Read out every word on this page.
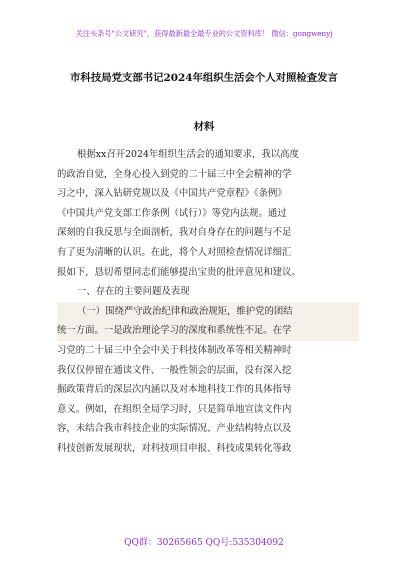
关注头条号"公文研究"，获得最新最全最专业的公文资料库！ 微信：gongwenyj
市科技局党支部书记2024年组织生活会个人对照检查发言
材料
根据xx召开2024年组织生活会的通知要求，我以高度
的政治自觉，全身心投入到党的二十届三中全会精神的学
习之中，深入钻研党规以及《中国共产党章程》《条例》
《中国共产党支部工作条例（试行）》等党内法规。通过
深刻的自我反思与全面剖析，我对自身存在的问题与不足
有了更为清晰的认识。在此，将个人对照检查情况详细汇
报如下，恳切希望同志们能够提出宝贵的批评意见和建议。
一、存在的主要问题及表现
（一）围绕严守政治纪律和政治规矩，维护党的团结
统一方面。一是政治理论学习的深度和系统性不足。在学
习党的二十届三中全会中关于科技体制改革等相关精神时
我仅仅停留在通读文件、一般性领会的层面，没有深入挖
掘政策背后的深层次内涵以及对本地科技工作的具体指导
意义。例如，在组织全局学习时，只是简单地宣读文件内
容，未结合我市科技企业的实际情况、产业结构特点以及
科技创新发展现状，对科技项目申报、科技成果转化等政
QQ群：30265665 QQ号:535304092
